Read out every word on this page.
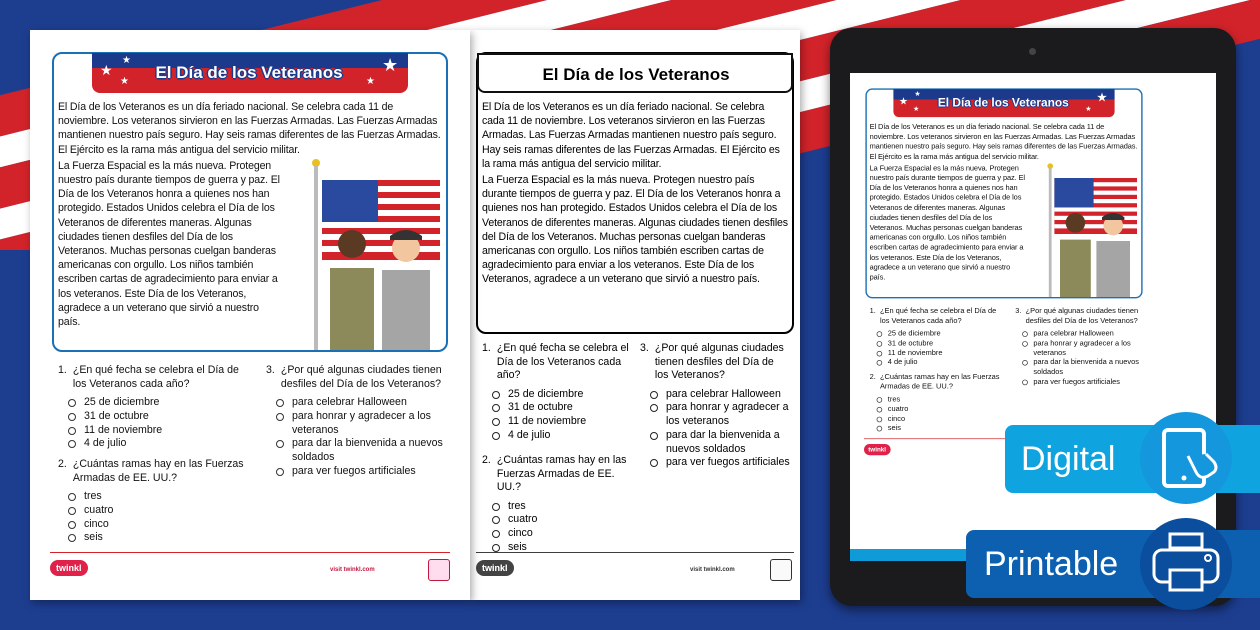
★
★
★
★
★
El Día de los Veteranos

El Día de los Veteranos es un día feriado nacional. Se celebra cada 11 de noviembre. Los veteranos sirvieron en las Fuerzas Armadas. Las Fuerzas Armadas mantienen nuestro país seguro. Hay seis ramas diferentes de las Fuerzas Armadas. El Ejército es la rama más antigua del servicio militar.

La Fuerza Espacial es la más nueva. Protegen nuestro país durante tiempos de guerra y paz. El Día de los Veteranos honra a quienes nos han protegido. Estados Unidos celebra el Día de los Veteranos de diferentes maneras. Algunas ciudades tienen desfiles del Día de los Veteranos. Muchas personas cuelgan banderas americanas con orgullo. Los niños también escriben cartas de agradecimiento para enviar a los veteranos. Este Día de los Veteranos, agradece a un veterano que sirvió a nuestro país.

1. ¿En qué fecha se celebra el Día de los Veteranos cada año?
25 de diciembre
31 de octubre
11 de noviembre
4 de julio
2. ¿Cuántas ramas hay en las Fuerzas Armadas de EE. UU.?
tres
cuatro
cinco
seis
3. ¿Por qué algunas ciudades tienen desfiles del Día de los Veteranos?
para celebrar Halloween
para honrar y agradecer a los veteranos
para dar la bienvenida a nuevos soldados
para ver fuegos artificiales
twinkl	visit twinkl.com
★
★
★
★
★
El Día de los Veteranos

El Día de los Veteranos es un día feriado nacional. Se celebra cada 11 de noviembre. Los veteranos sirvieron en las Fuerzas Armadas. Las Fuerzas Armadas mantienen nuestro país seguro. Hay seis ramas diferentes de las Fuerzas Armadas. El Ejército es la rama más antigua del servicio militar.

La Fuerza Espacial es la más nueva. Protegen nuestro país durante tiempos de guerra y paz. El Día de los Veteranos honra a quienes nos han protegido. Estados Unidos celebra el Día de los Veteranos de diferentes maneras. Algunas ciudades tienen desfiles del Día de los Veteranos. Muchas personas cuelgan banderas americanas con orgullo. Los niños también escriben cartas de agradecimiento para enviar a los veteranos. Este Día de los Veteranos, agradece a un veterano que sirvió a nuestro país.

1. ¿En qué fecha se celebra el Día de los Veteranos cada año?
25 de diciembre
31 de octubre
11 de noviembre
4 de julio
2. ¿Cuántas ramas hay en las Fuerzas Armadas de EE. UU.?
tres
cuatro
cinco
seis
3. ¿Por qué algunas ciudades tienen desfiles del Día de los Veteranos?
para celebrar Halloween
para honrar y agradecer a los veteranos
para dar la bienvenida a nuevos soldados
para ver fuegos artificiales
twinkl	visit twinkl.com
★
★
★
★
★
El Día de los Veteranos

El Día de los Veteranos es un día feriado nacional. Se celebra cada 11 de noviembre. Los veteranos sirvieron en las Fuerzas Armadas. Las Fuerzas Armadas mantienen nuestro país seguro. Hay seis ramas diferentes de las Fuerzas Armadas. El Ejército es la rama más antigua del servicio militar.

La Fuerza Espacial es la más nueva. Protegen nuestro país durante tiempos de guerra y paz. El Día de los Veteranos honra a quienes nos han protegido. Estados Unidos celebra el Día de los Veteranos de diferentes maneras. Algunas ciudades tienen desfiles del Día de los Veteranos. Muchas personas cuelgan banderas americanas con orgullo. Los niños también escriben cartas de agradecimiento para enviar a los veteranos. Este Día de los Veteranos, agradece a un veterano que sirvió a nuestro país.

1. ¿En qué fecha se celebra el Día de los Veteranos cada año?
25 de diciembre
31 de octubre
11 de noviembre
4 de julio
2. ¿Cuántas ramas hay en las Fuerzas Armadas de EE. UU.?
tres
cuatro
cinco
seis
3. ¿Por qué algunas ciudades tienen desfiles del Día de los Veteranos?
para celebrar Halloween
para honrar y agradecer a los veteranos
para dar la bienvenida a nuevos soldados
para ver fuegos artificiales
twinkl	Digital
Printable
